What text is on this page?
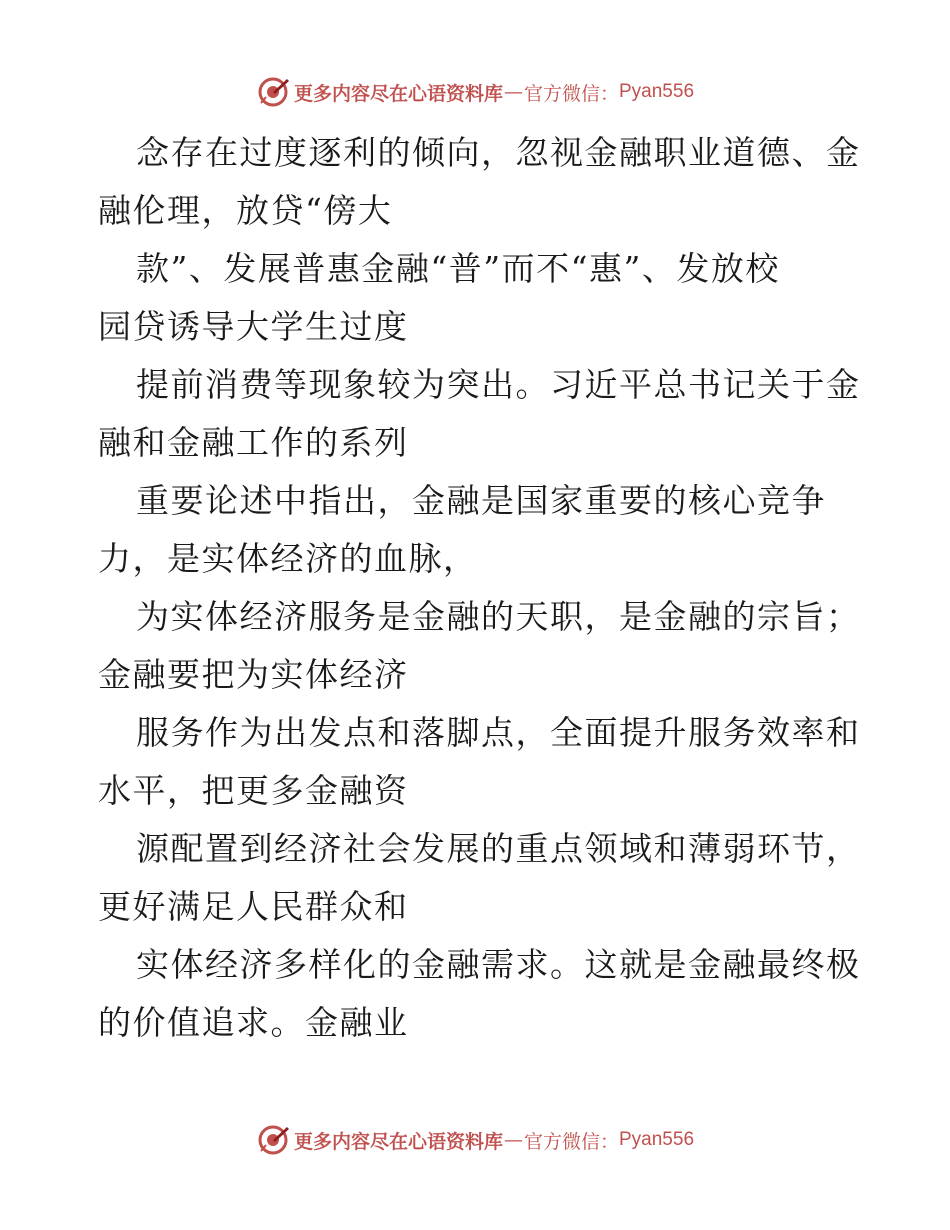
更多内容尽在心语资料库 — 官方微信： Pyan556
念存在过度逐利的倾向，忽视金融职业道德、金
融伦理，放贷“傍大
款”、发展普惠金融“普”而不“惠”、发放校
园贷诱导大学生过度
提前消费等现象较为突出。习近平总书记关于金
融和金融工作的系列
重要论述中指出，金融是国家重要的核心竞争
力，是实体经济的血脉，
为实体经济服务是金融的天职，是金融的宗旨；
金融要把为实体经济
服务作为出发点和落脚点，全面提升服务效率和
水平，把更多金融资
源配置到经济社会发展的重点领域和薄弱环节，
更好满足人民群众和
实体经济多样化的金融需求。这就是金融最终极
的价值追求。金融业
更多内容尽在心语资料库 — 官方微信： Pyan556
